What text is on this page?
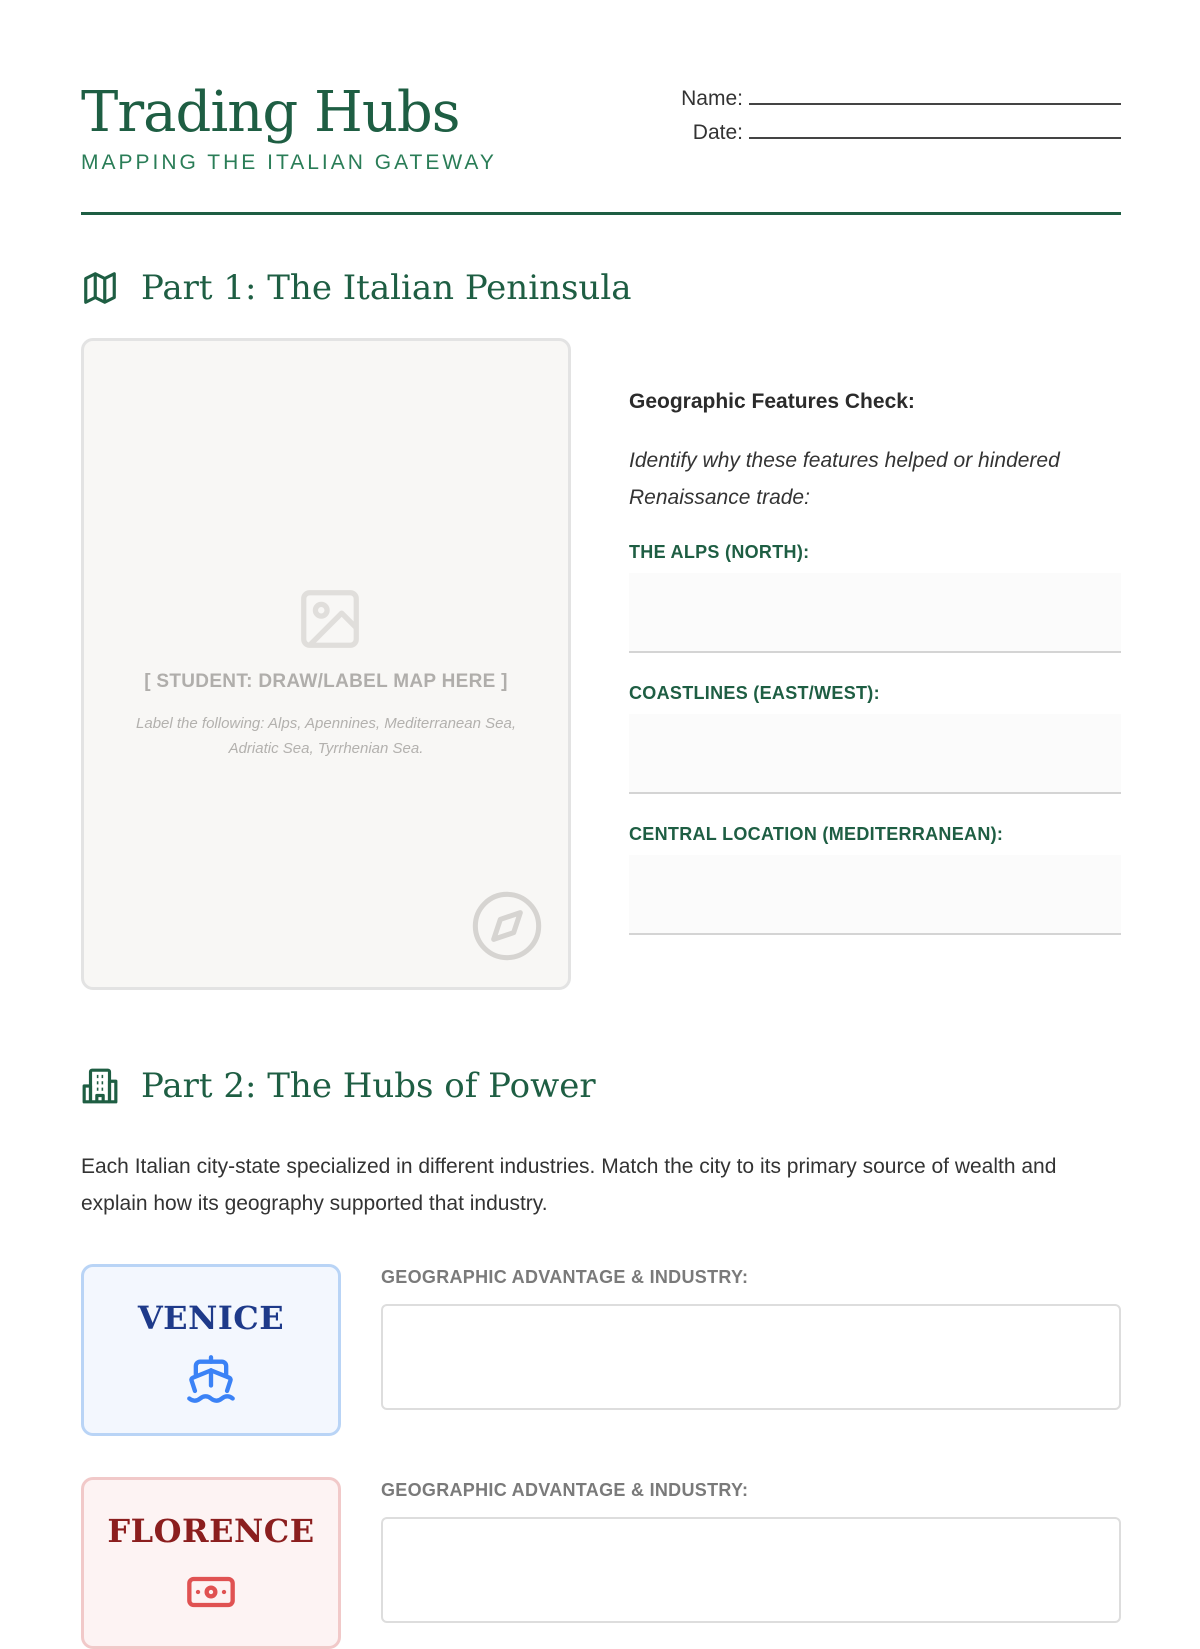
Trading Hubs
MAPPING THE ITALIAN GATEWAY
Name:
Date:
Part 1: The Italian Peninsula
[ STUDENT: DRAW/LABEL MAP HERE ]
Label the following: Alps, Apennines, Mediterranean Sea, Adriatic Sea, Tyrrhenian Sea.
Geographic Features Check:
Identify why these features helped or hindered Renaissance trade:
THE ALPS (NORTH):
COASTLINES (EAST/WEST):
CENTRAL LOCATION (MEDITERRANEAN):
Part 2: The Hubs of Power
Each Italian city-state specialized in different industries. Match the city to its primary source of wealth and explain how its geography supported that industry.
VENICE
GEOGRAPHIC ADVANTAGE & INDUSTRY:
FLORENCE
GEOGRAPHIC ADVANTAGE & INDUSTRY:
